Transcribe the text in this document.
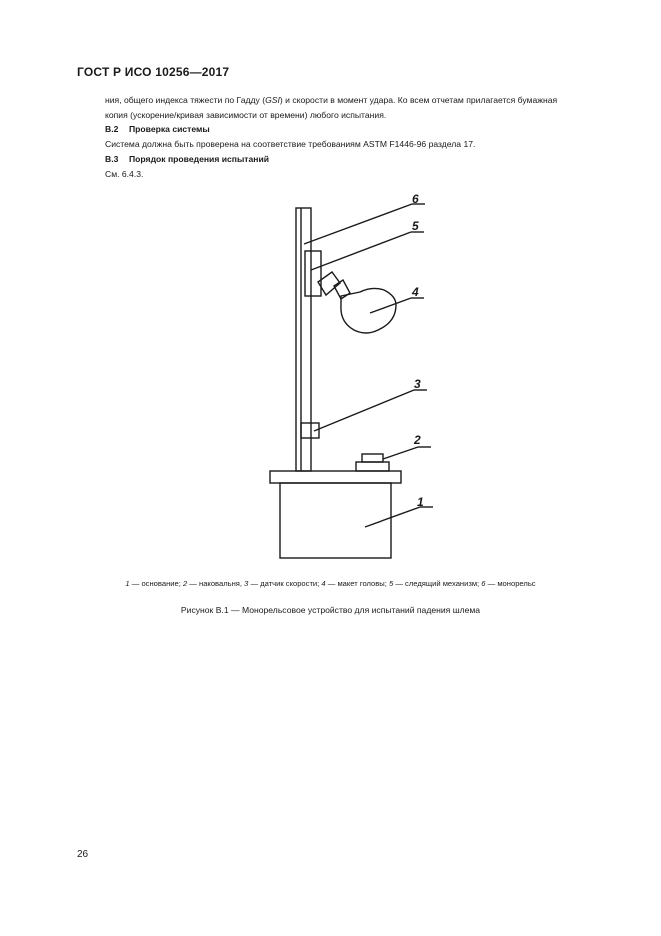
ГОСТ Р ИСО 10256—2017
ния, общего индекса тяжести по Гадду (GSI) и скорости в момент удара. Ко всем отчетам прилагается бумажная
копия (ускорение/кривая зависимости от времени) любого испытания.
B.2 Проверка системы
Система должна быть проверена на соответствие требованиям ASTM F1446-96 раздела 17.
B.3 Порядок проведения испытаний
См. 6.4.3.
1
2
3
4
5
6
1 — основание; 2 — наковальня, 3 — датчик скорости; 4 — макет головы; 5 — следящий механизм; 6 — монорельс
Рисунок B.1 — Монорельсовое устройство для испытаний падения шлема
26
